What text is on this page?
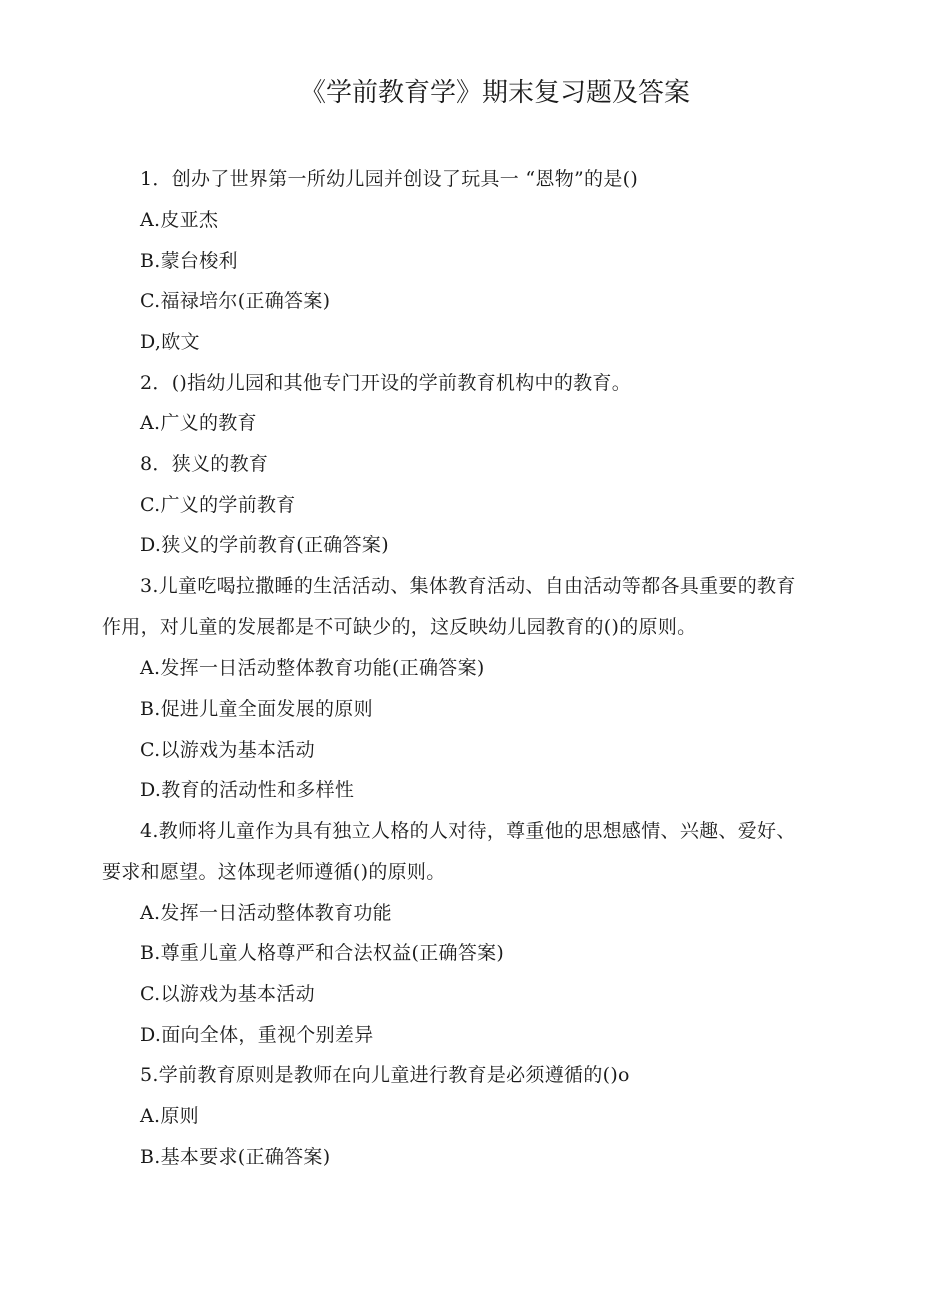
《学前教育学》期末复习题及答案
1．创办了世界第一所幼儿园并创设了玩具一 “恩物”的是()
A.皮亚杰
B.蒙台梭利
C.福禄培尔(正确答案)
D,欧文
2．()指幼儿园和其他专门开设的学前教育机构中的教育。
A.广义的教育
8．狭义的教育
C.广义的学前教育
D.狭义的学前教育(正确答案)
3.儿童吃喝拉撒睡的生活活动、集体教育活动、自由活动等都各具重要的教育
作用，对儿童的发展都是不可缺少的，这反映幼儿园教育的()的原则。
A.发挥一日活动整体教育功能(正确答案)
B.促进儿童全面发展的原则
C.以游戏为基本活动
D.教育的活动性和多样性
4.教师将儿童作为具有独立人格的人对待，尊重他的思想感情、兴趣、爱好、
要求和愿望。这体现老师遵循()的原则。
A.发挥一日活动整体教育功能
B.尊重儿童人格尊严和合法权益(正确答案)
C.以游戏为基本活动
D.面向全体，重视个别差异
5.学前教育原则是教师在向儿童进行教育是必须遵循的()o
A.原则
B.基本要求(正确答案)
